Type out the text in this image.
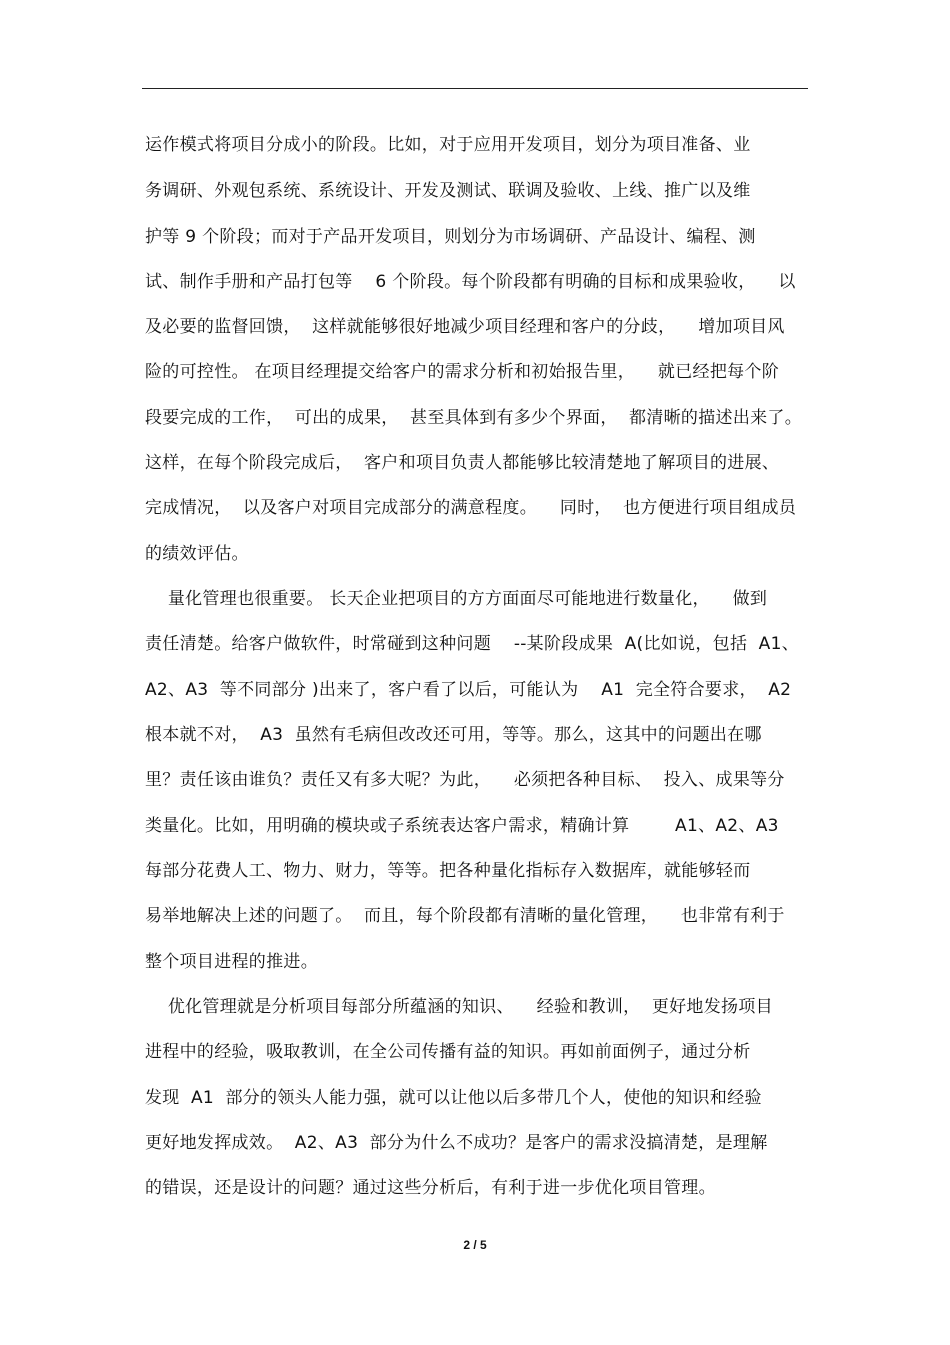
运作模式将项目分成小的阶段。比如，对于应用开发项目，划分为项目准备、业
务调研、外观包系统、系统设计、开发及测试、联调及验收、上线、推广以及维
护等 9 个阶段；而对于产品开发项目，则划分为市场调研、产品设计、编程、测
试、制作手册和产品打包等    6 个阶段。每个阶段都有明确的目标和成果验收，    以
及必要的监督回馈，  这样就能够很好地减少项目经理和客户的分歧，    增加项目风
险的可控性。 在项目经理提交给客户的需求分析和初始报告里，    就已经把每个阶
段要完成的工作，  可出的成果，  甚至具体到有多少个界面，  都清晰的描述出来了。
这样，在每个阶段完成后，  客户和项目负责人都能够比较清楚地了解项目的进展、
完成情况，  以及客户对项目完成部分的满意程度。    同时，  也方便进行项目组成员
的绩效评估。
量化管理也很重要。 长天企业把项目的方方面面尽可能地进行数量化，    做到
责任清楚。给客户做软件，时常碰到这种问题    --某阶段成果  A(比如说，包括  A1、
A2、A3  等不同部分 )出来了，客户看了以后，可能认为    A1  完全符合要求，  A2
根本就不对，  A3  虽然有毛病但改改还可用，等等。那么，这其中的问题出在哪
里？责任该由谁负？责任又有多大呢？为此，    必须把各种目标、  投入、成果等分
类量化。比如，用明确的模块或子系统表达客户需求，精确计算        A1、A2、A3
每部分花费人工、物力、财力，等等。把各种量化指标存入数据库，就能够轻而
易举地解决上述的问题了。  而且，每个阶段都有清晰的量化管理，    也非常有利于
整个项目进程的推进。
优化管理就是分析项目每部分所蕴涵的知识、    经验和教训，  更好地发扬项目
进程中的经验，吸取教训，在全公司传播有益的知识。再如前面例子，通过分析
发现  A1  部分的领头人能力强，就可以让他以后多带几个人，使他的知识和经验
更好地发挥成效。  A2、A3  部分为什么不成功？是客户的需求没搞清楚，是理解
的错误，还是设计的问题？通过这些分析后，有利于进一步优化项目管理。
2 / 5
